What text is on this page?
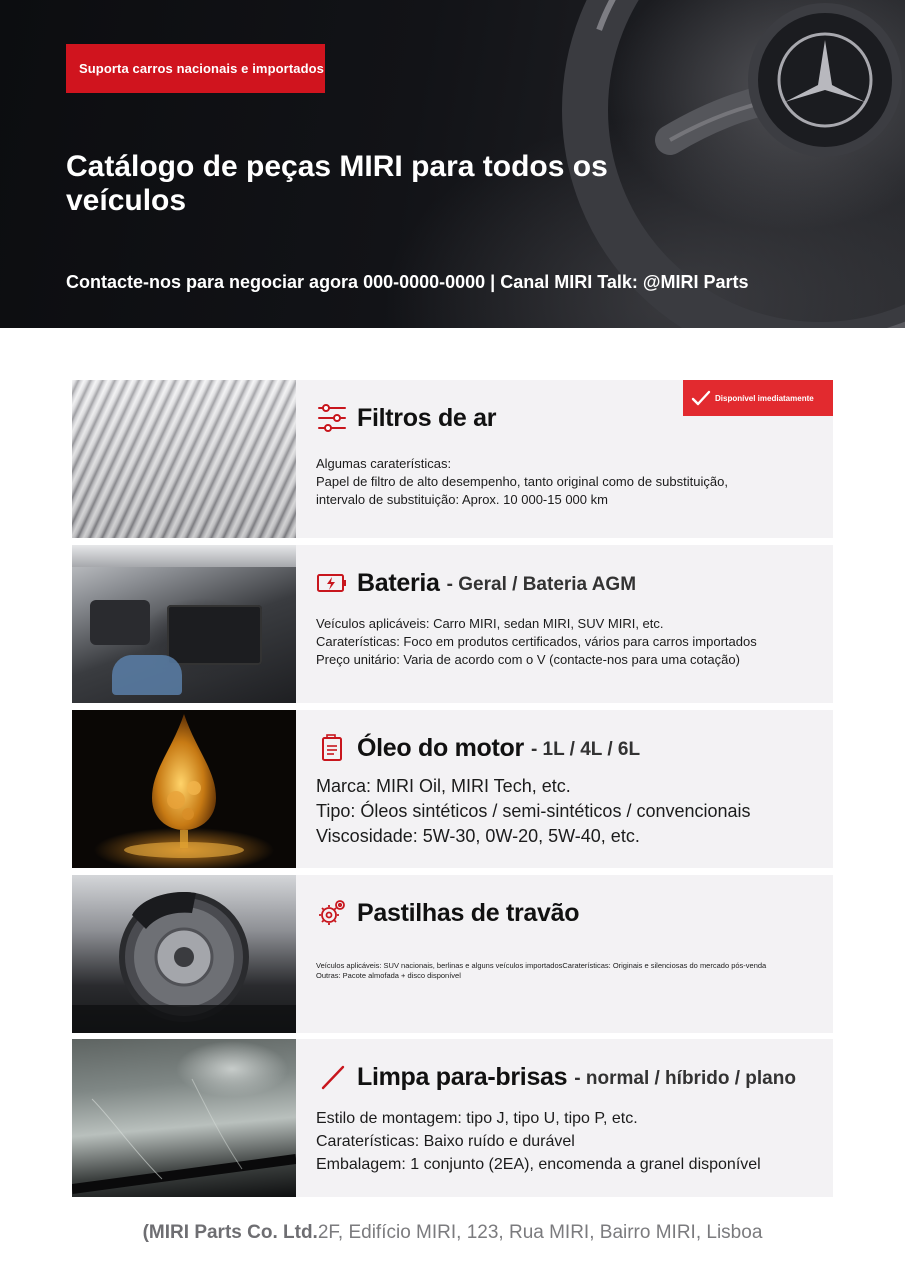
Suporta carros nacionais e importados
Catálogo de peças MIRI para todos os veículos
Contacte-nos para negociar agora 000-0000-0000 | Canal MIRI Talk: @MIRI Parts
Disponível imediatamente
Filtros de ar
Algumas caraterísticas:
Papel de filtro de alto desempenho, tanto original como de substituição,
intervalo de substituição: Aprox. 10 000-15 000 km
Bateria - Geral / Bateria AGM
Veículos aplicáveis: Carro MIRI, sedan MIRI, SUV MIRI, etc.
Caraterísticas: Foco em produtos certificados, vários para carros importados
Preço unitário: Varia de acordo com o V (contacte-nos para uma cotação)
Óleo do motor - 1L / 4L / 6L
Marca: MIRI Oil, MIRI Tech, etc.
Tipo: Óleos sintéticos / semi-sintéticos / convencionais
Viscosidade: 5W-30, 0W-20, 5W-40, etc.
Pastilhas de travão
Veículos aplicáveis: SUV nacionais, berlinas e alguns veículos importadosCaraterísticas: Originais e silenciosas do mercado pós-venda
Outras: Pacote almofada + disco disponível
Limpa para-brisas - normal / híbrido / plano
Estilo de montagem: tipo J, tipo U, tipo P, etc.
Caraterísticas: Baixo ruído e durável
Embalagem: 1 conjunto (2EA), encomenda a granel disponível
(MIRI Parts Co. Ltd.2F, Edifício MIRI, 123, Rua MIRI, Bairro MIRI, Lisboa
